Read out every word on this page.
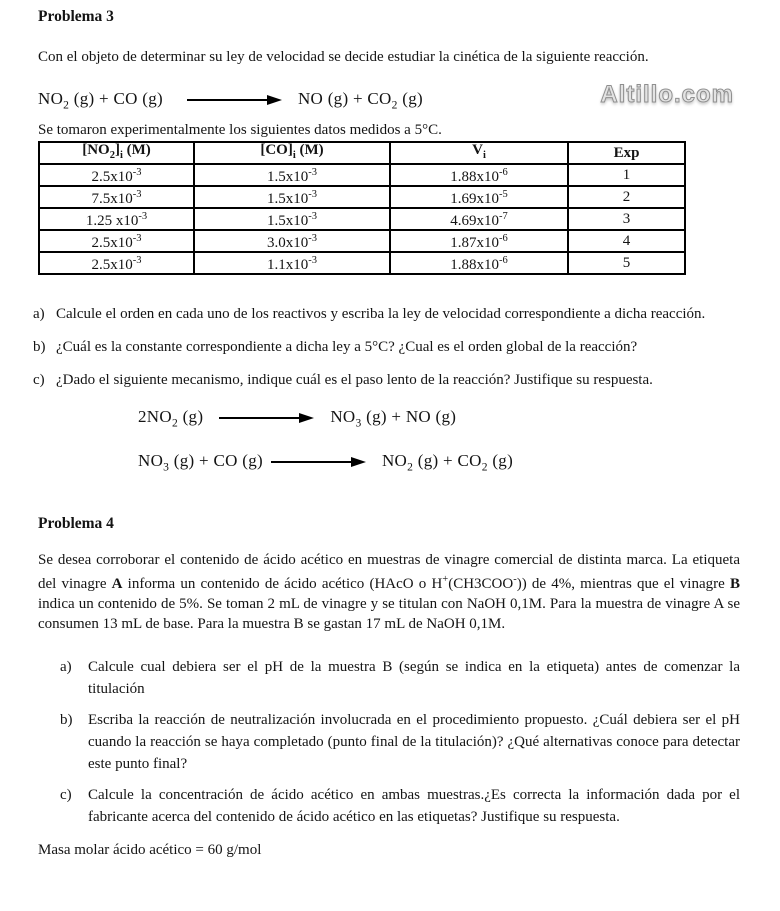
Problema 3

Con el objeto de determinar su ley de velocidad se decide estudiar la cinética de la siguiente reacción.

$NO_2$ (g) + CO (g)	NO $(g) + CO_2$ (g)	Altillo.com

Se tomaron experimentalmente los siguientes datos medidos a 5°C.

$[NO_2]_i$ (M)	$[CO]_i$ (M)	$V_i$	Exp
$2.5x10^{-3}$	$1.5x10^{-3}$	$1.88x10^{-6}$	1
$7.5x10^{-3}$	$1.5x10^{-3}$	$1.69x10^{-5}$	2
1.25 $x10^{-3}$	$1.5x10^{-3}$	$4.69x10^{-7}$	3
$2.5x10^{-3}$	$3.0x10^{-3}$	$1.87x10^{-6}$	4
$2.5x10^{-3}$	$1.1x10^{-3}$	$1.88x10^{-6}$	5
a) Calcule el orden en cada uno de los reactivos y escriba la ley de velocidad correspondiente a dicha reacción.
b) ¿Cuál es la constante correspondiente a dicha ley a 5°C? ¿Cual es el orden global de la reacción?
c) ¿Dado el siguiente mecanismo, indique cuál es el paso lento de la reacción? Justifique su respuesta.
$2NO_2$ (g)	$NO_3$ (g) + NO (g)
$NO_3$ (g) + CO (g)	$NO_2$ $(g) + CO_2$ (g)
Problema 4

Se desea corroborar el contenido de ácido acético en muestras de vinagre comercial de distinta marca. La etiqueta del vinagre A informa un contenido de ácido acético (HAcO o H+(CH3COO-)) de 4%, mientras que el vinagre B indica un contenido de 5%. Se toman 2 mL de vinagre y se titulan con NaOH 0,1M. Para la muestra de vinagre A se consumen 13 mL de base. Para la muestra B se gastan 17 mL de NaOH 0,1M.

a)	Calcule cual debiera ser el pH de la muestra B (según se indica en la etiqueta) antes de comenzar la titulación
b)	Escriba la reacción de neutralización involucrada en el procedimiento propuesto. ¿Cuál debiera ser el pH cuando la reacción se haya completado (punto final de la titulación)? ¿Qué alternativas conoce para detectar este punto final?
c)	Calcule la concentración de ácido acético en ambas muestras.¿Es correcta la información dada por el fabricante acerca del contenido de ácido acético en las etiquetas? Justifique su respuesta.

Masa molar ácido acético = 60 g/mol
